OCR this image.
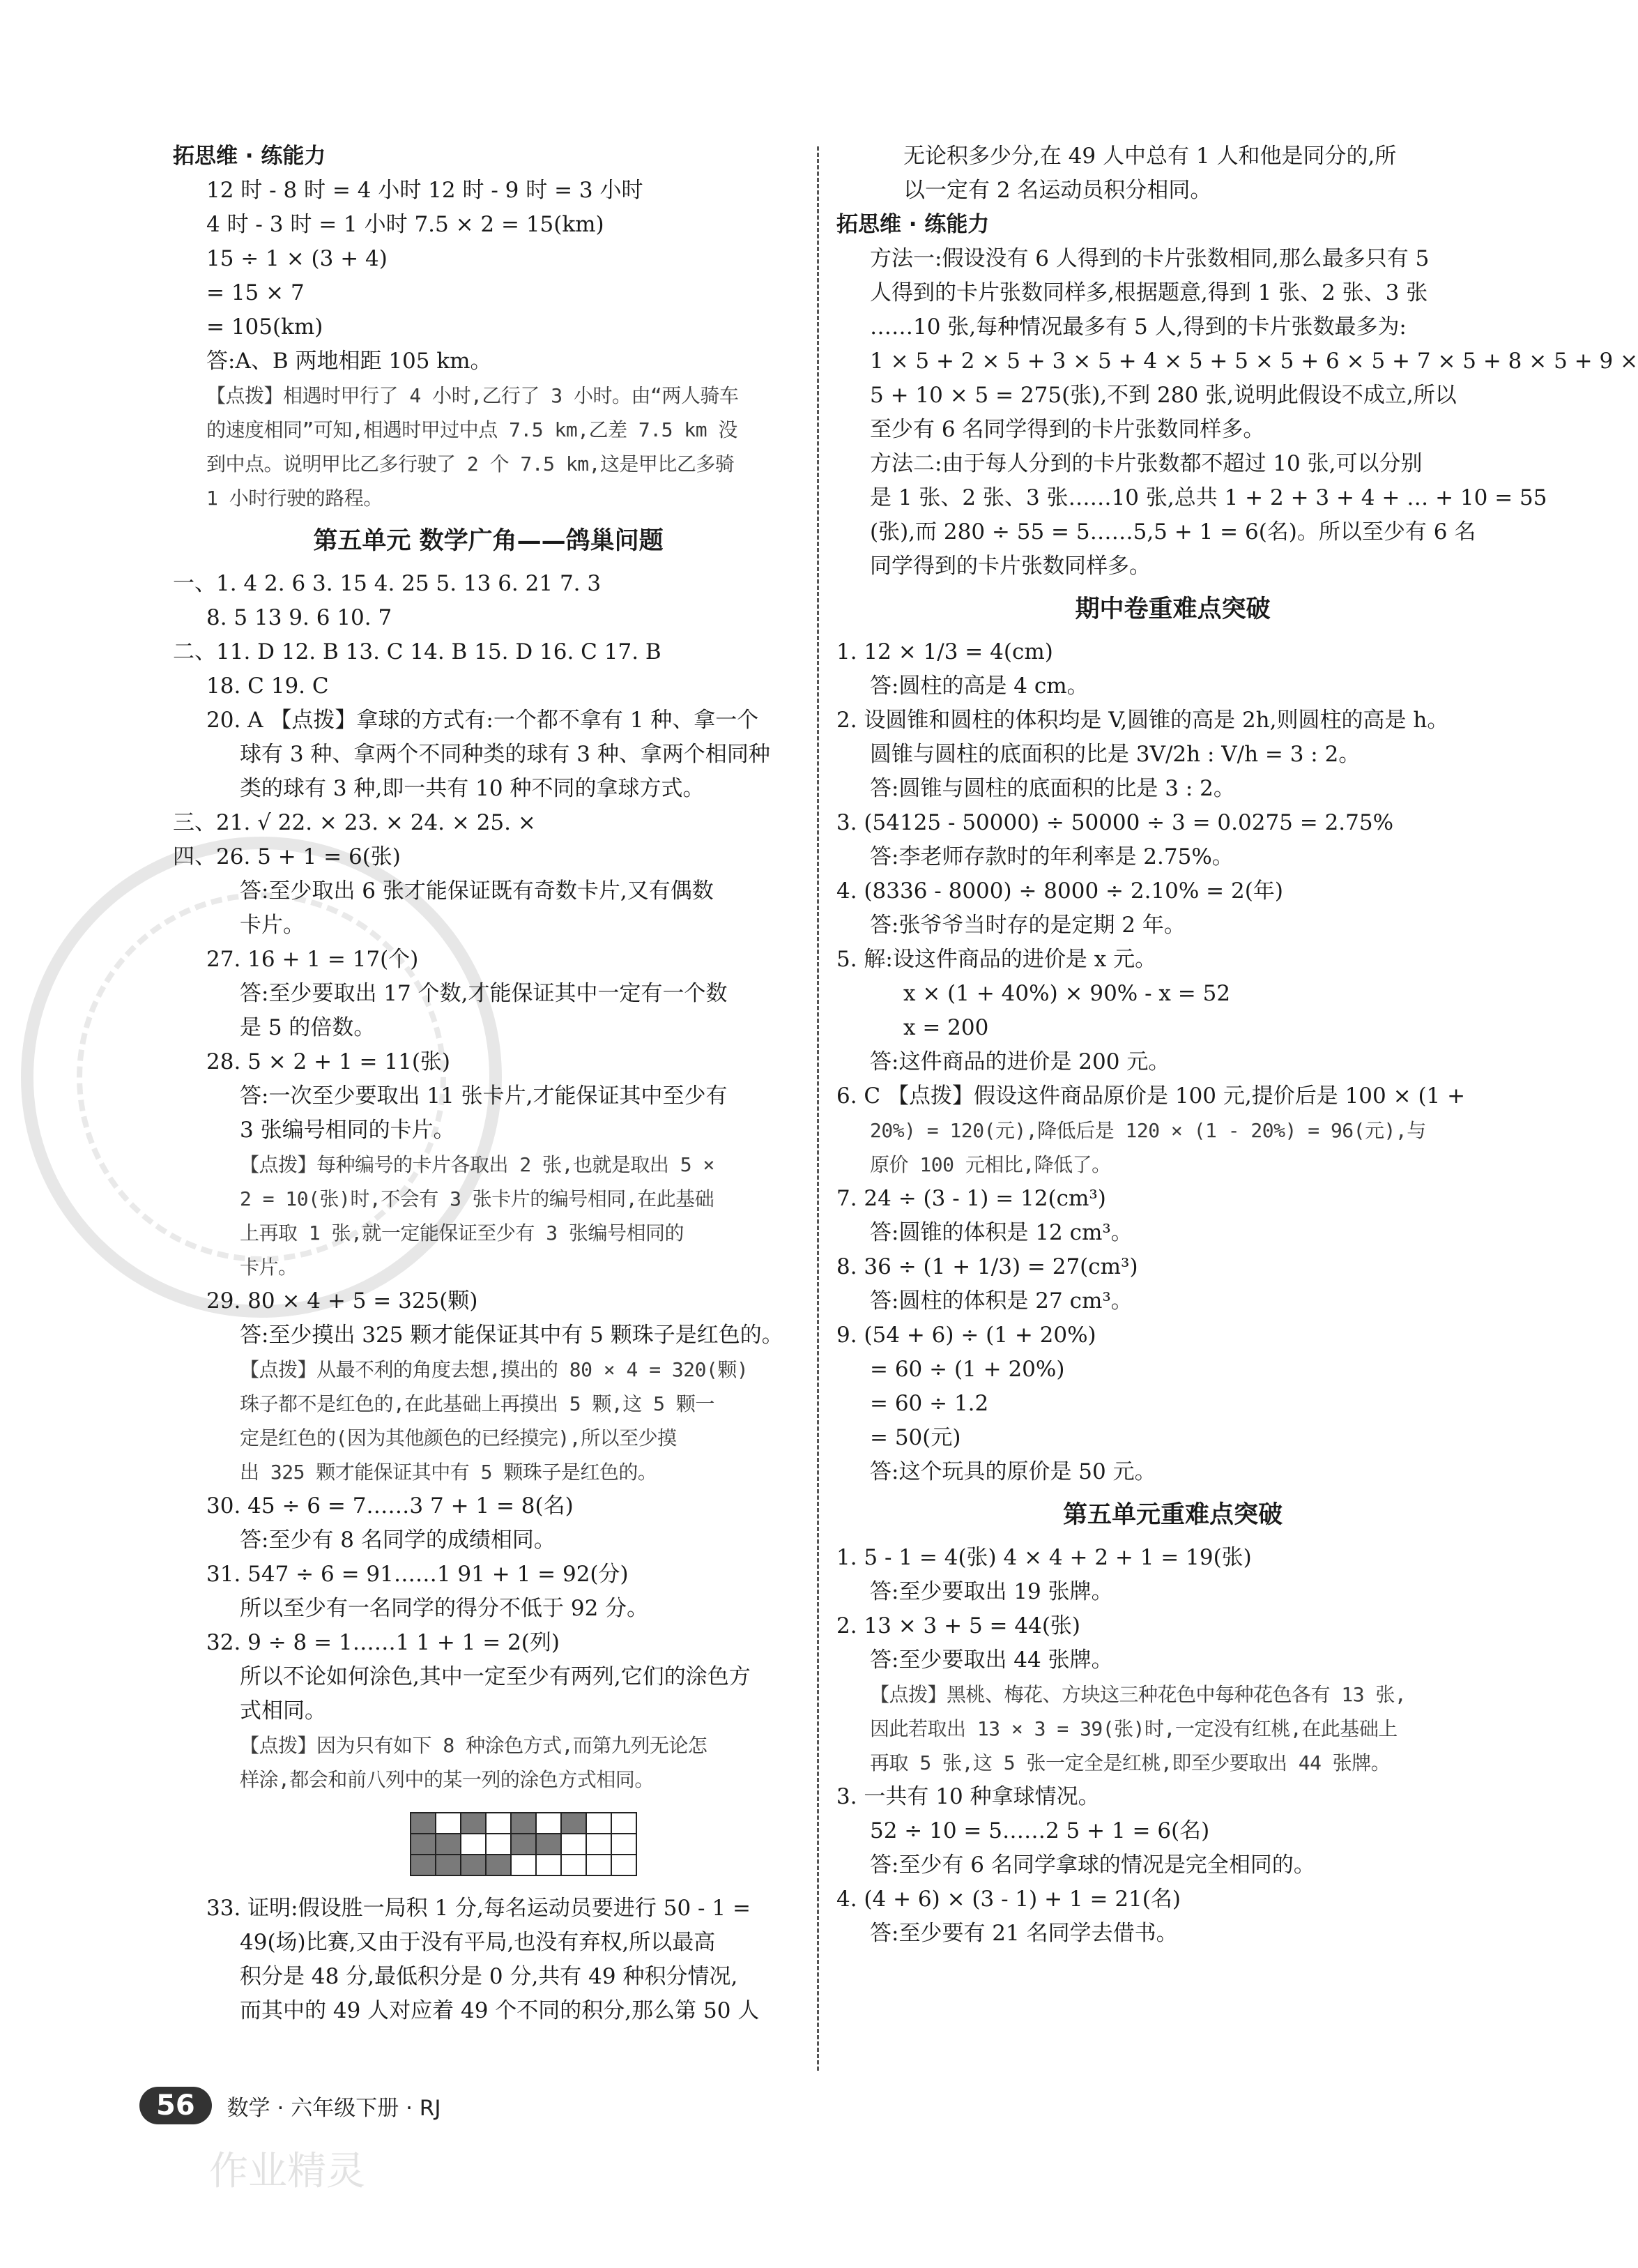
拓思维 · 练能力
12 时 - 8 时 = 4 小时 12 时 - 9 时 = 3 小时
4 时 - 3 时 = 1 小时 7.5 × 2 = 15(km)
15 ÷ 1 × (3 + 4)
= 15 × 7
= 105(km)
答:A、B 两地相距 105 km。
【点拨】相遇时甲行了 4 小时,乙行了 3 小时。由“两人骑车
的速度相同”可知,相遇时甲过中点 7.5 km,乙差 7.5 km 没
到中点。说明甲比乙多行驶了 2 个 7.5 km,这是甲比乙多骑
1 小时行驶的路程。
第五单元 数学广角——鸽巢问题
一、1. 4 2. 6 3. 15 4. 25 5. 13 6. 21 7. 3
8. 5 13 9. 6 10. 7
二、11. D 12. B 13. C 14. B 15. D 16. C 17. B
18. C 19. C
20. A 【点拨】拿球的方式有:一个都不拿有 1 种、拿一个
球有 3 种、拿两个不同种类的球有 3 种、拿两个相同种
类的球有 3 种,即一共有 10 种不同的拿球方式。
三、21. √ 22. × 23. × 24. × 25. ×
四、26. 5 + 1 = 6(张)
答:至少取出 6 张才能保证既有奇数卡片,又有偶数
卡片。
27. 16 + 1 = 17(个)
答:至少要取出 17 个数,才能保证其中一定有一个数
是 5 的倍数。
28. 5 × 2 + 1 = 11(张)
答:一次至少要取出 11 张卡片,才能保证其中至少有
3 张编号相同的卡片。
【点拨】每种编号的卡片各取出 2 张,也就是取出 5 ×
2 = 10(张)时,不会有 3 张卡片的编号相同,在此基础
上再取 1 张,就一定能保证至少有 3 张编号相同的
卡片。
29. 80 × 4 + 5 = 325(颗)
答:至少摸出 325 颗才能保证其中有 5 颗珠子是红色的。
【点拨】从最不利的角度去想,摸出的 80 × 4 = 320(颗)
珠子都不是红色的,在此基础上再摸出 5 颗,这 5 颗一
定是红色的(因为其他颜色的已经摸完),所以至少摸
出 325 颗才能保证其中有 5 颗珠子是红色的。
30. 45 ÷ 6 = 7……3 7 + 1 = 8(名)
答:至少有 8 名同学的成绩相同。
31. 547 ÷ 6 = 91……1 91 + 1 = 92(分)
所以至少有一名同学的得分不低于 92 分。
32. 9 ÷ 8 = 1……1 1 + 1 = 2(列)
所以不论如何涂色,其中一定至少有两列,它们的涂色方
式相同。
【点拨】因为只有如下 8 种涂色方式,而第九列无论怎
样涂,都会和前八列中的某一列的涂色方式相同。

33. 证明:假设胜一局积 1 分,每名运动员要进行 50 - 1 =
49(场)比赛,又由于没有平局,也没有弃权,所以最高
积分是 48 分,最低积分是 0 分,共有 49 种积分情况,
而其中的 49 人对应着 49 个不同的积分,那么第 50 人
无论积多少分,在 49 人中总有 1 人和他是同分的,所
以一定有 2 名运动员积分相同。
拓思维 · 练能力
方法一:假设没有 6 人得到的卡片张数相同,那么最多只有 5
人得到的卡片张数同样多,根据题意,得到 1 张、2 张、3 张
……10 张,每种情况最多有 5 人,得到的卡片张数最多为:
1 × 5 + 2 × 5 + 3 × 5 + 4 × 5 + 5 × 5 + 6 × 5 + 7 × 5 + 8 × 5 + 9 ×
5 + 10 × 5 = 275(张),不到 280 张,说明此假设不成立,所以
至少有 6 名同学得到的卡片张数同样多。
方法二:由于每人分到的卡片张数都不超过 10 张,可以分别
是 1 张、2 张、3 张……10 张,总共 1 + 2 + 3 + 4 + … + 10 = 55
(张),而 280 ÷ 55 = 5……5,5 + 1 = 6(名)。所以至少有 6 名
同学得到的卡片张数同样多。
期中卷重难点突破
1. 12 × 1/3 = 4(cm)
答:圆柱的高是 4 cm。
2. 设圆锥和圆柱的体积均是 V,圆锥的高是 2h,则圆柱的高是 h。
圆锥与圆柱的底面积的比是 3V/2h : V/h = 3 : 2。
答:圆锥与圆柱的底面积的比是 3 : 2。
3. (54125 - 50000) ÷ 50000 ÷ 3 = 0.0275 = 2.75%
答:李老师存款时的年利率是 2.75%。
4. (8336 - 8000) ÷ 8000 ÷ 2.10% = 2(年)
答:张爷爷当时存的是定期 2 年。
5. 解:设这件商品的进价是 x 元。
x × (1 + 40%) × 90% - x = 52
x = 200
答:这件商品的进价是 200 元。
6. C 【点拨】假设这件商品原价是 100 元,提价后是 100 × (1 +
20%) = 120(元),降低后是 120 × (1 - 20%) = 96(元),与
原价 100 元相比,降低了。
7. 24 ÷ (3 - 1) = 12(cm³)
答:圆锥的体积是 12 cm³。
8. 36 ÷ (1 + 1/3) = 27(cm³)
答:圆柱的体积是 27 cm³。
9. (54 + 6) ÷ (1 + 20%)
= 60 ÷ (1 + 20%)
= 60 ÷ 1.2
= 50(元)
答:这个玩具的原价是 50 元。
第五单元重难点突破
1. 5 - 1 = 4(张) 4 × 4 + 2 + 1 = 19(张)
答:至少要取出 19 张牌。
2. 13 × 3 + 5 = 44(张)
答:至少要取出 44 张牌。
【点拨】黑桃、梅花、方块这三种花色中每种花色各有 13 张,
因此若取出 13 × 3 = 39(张)时,一定没有红桃,在此基础上
再取 5 张,这 5 张一定全是红桃,即至少要取出 44 张牌。
3. 一共有 10 种拿球情况。
52 ÷ 10 = 5……2 5 + 1 = 6(名)
答:至少有 6 名同学拿球的情况是完全相同的。
4. (4 + 6) × (3 - 1) + 1 = 21(名)
答:至少要有 21 名同学去借书。
56	数学 · 六年级下册 · RJ
作业精灵
